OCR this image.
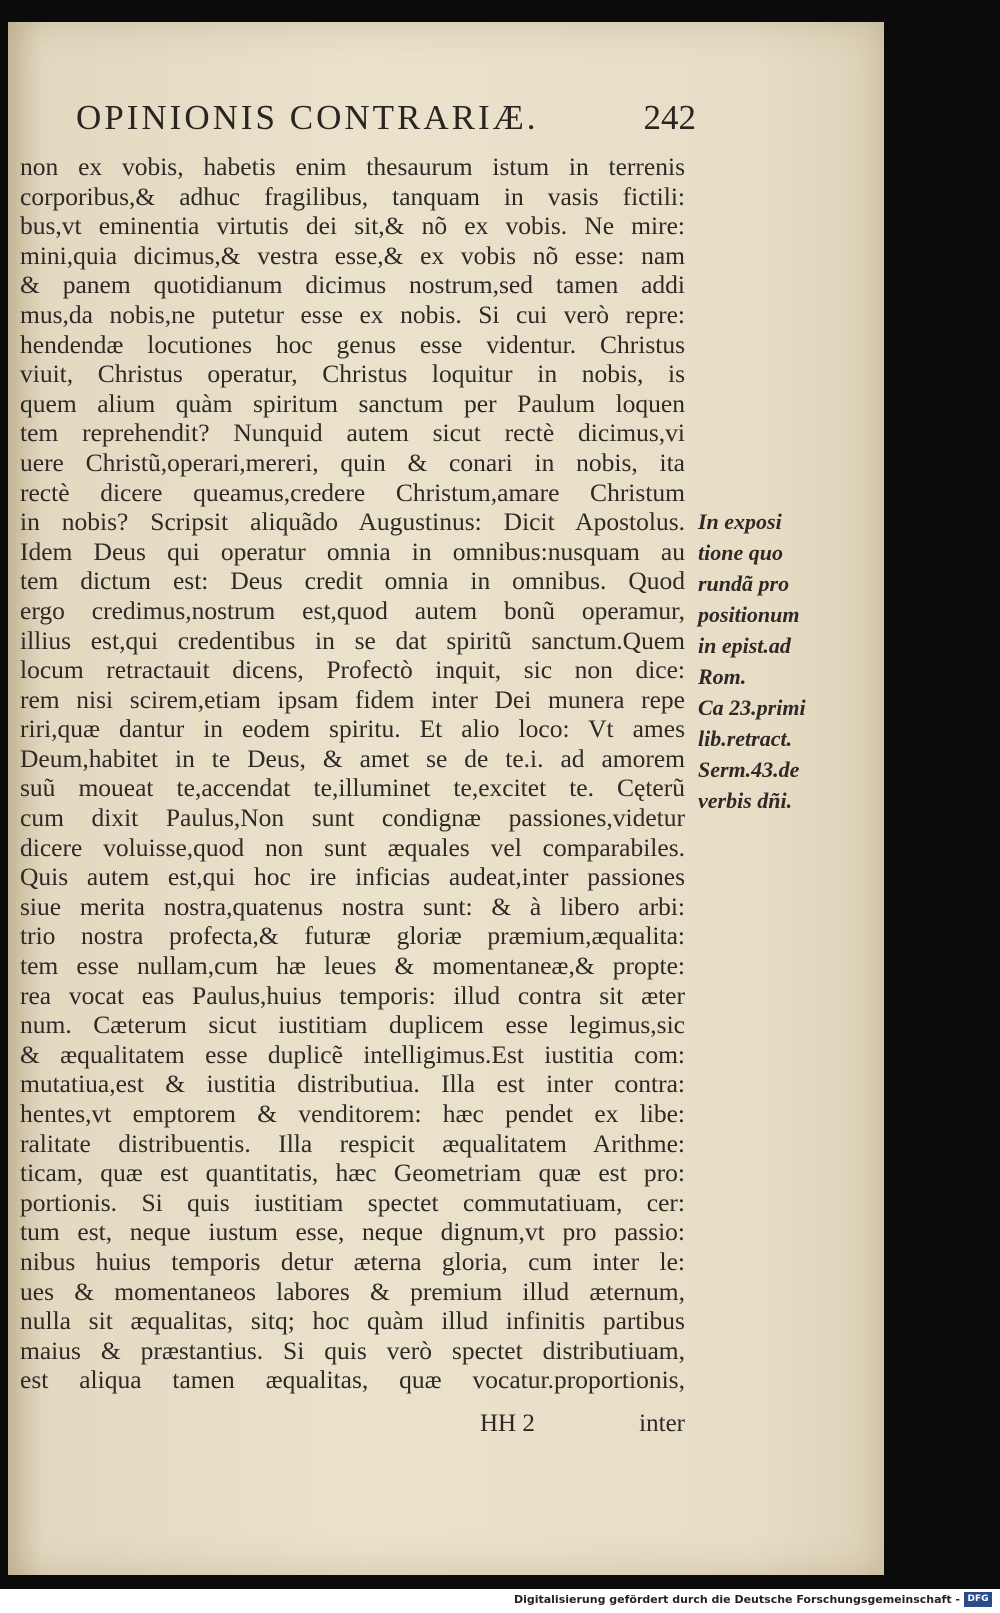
OPINIONIS CONTRARIÆ.	242
non ex vobis, habetis enim thesaurum istum in terrenis
corporibus,& adhuc fragilibus, tanquam in vasis fictili:
bus,vt eminentia virtutis dei sit,& nõ ex vobis. Ne mire:
mini,quia dicimus,& vestra esse,& ex vobis nõ esse: nam
& panem quotidianum dicimus nostrum,sed tamen addi
mus,da nobis,ne putetur esse ex nobis. Si cui verò repre:
hendendæ locutiones hoc genus esse videntur. Christus
viuit, Christus operatur, Christus loquitur in nobis, is
quem alium quàm spiritum sanctum per Paulum loquen
tem reprehendit? Nunquid autem sicut rectè dicimus,vi
uere Christũ,operari,mereri, quin & conari in nobis, ita
rectè dicere queamus,credere Christum,amare Christum
in nobis? Scripsit aliquãdo Augustinus: Dicit Apostolus.
Idem Deus qui operatur omnia in omnibus:nusquam au
tem dictum est: Deus credit omnia in omnibus. Quod
ergo credimus,nostrum est,quod autem bonũ operamur,
illius est,qui credentibus in se dat spiritũ sanctum.Quem
locum retractauit dicens, Profectò inquit, sic non dice:
rem nisi scirem,etiam ipsam fidem inter Dei munera repe
riri,quæ dantur in eodem spiritu. Et alio loco: Vt ames
Deum,habitet in te Deus, & amet se de te.i. ad amorem
suũ moueat te,accendat te,illuminet te,excitet te. Cęterũ
cum dixit Paulus,Non sunt condignæ passiones,videtur
dicere voluisse,quod non sunt æquales vel comparabiles.
Quis autem est,qui hoc ire inficias audeat,inter passiones
siue merita nostra,quatenus nostra sunt: & à libero arbi:
trio nostra profecta,& futuræ gloriæ præmium,æqualita:
tem esse nullam,cum hæ leues & momentaneæ,& propte:
rea vocat eas Paulus,huius temporis: illud contra sit æter
num. Cæterum sicut iustitiam duplicem esse legimus,sic
& æqualitatem esse duplicẽ intelligimus.Est iustitia com:
mutatiua,est & iustitia distributiua. Illa est inter contra:
hentes,vt emptorem & venditorem: hæc pendet ex libe:
ralitate distribuentis. Illa respicit æqualitatem Arithme:
ticam, quæ est quantitatis, hæc Geometriam quæ est pro:
portionis. Si quis iustitiam spectet commutatiuam, cer:
tum est, neque iustum esse, neque dignum,vt pro passio:
nibus huius temporis detur æterna gloria, cum inter le:
ues & momentaneos labores & premium illud æternum,
nulla sit æqualitas, sitq; hoc quàm illud infinitis partibus
maius & præstantius. Si quis verò spectet distributiuam,
est aliqua tamen æqualitas, quæ vocatur.proportionis,
In exposi
tione quo
rundã pro
positionum
in epist.ad
Rom.
Ca 23.primi
lib.retract.
Serm.43.de
verbis dñi.
HH 2	inter
Digitalisierung gefördert durch die Deutsche Forschungsgemeinschaft - DFG
